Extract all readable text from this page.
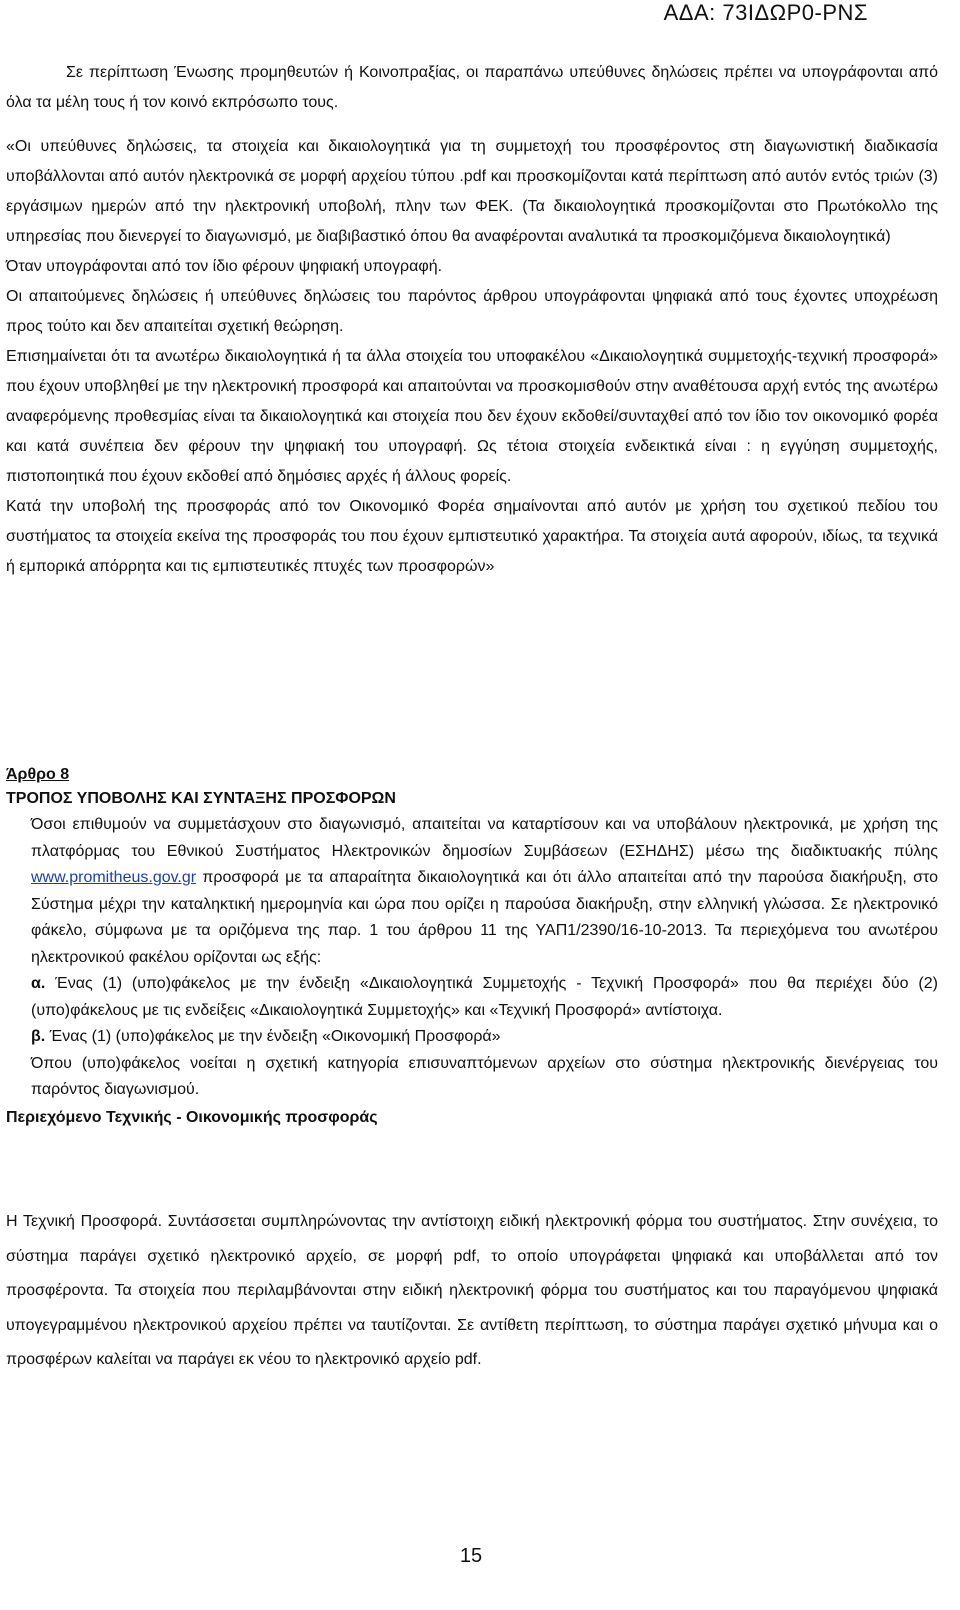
ΑΔΑ: 73ΙΔΩΡ0-ΡΝΣ

Σε περίπτωση Ένωσης προμηθευτών ή Κοινοπραξίας, οι παραπάνω υπεύθυνες δηλώσεις πρέπει να υπογράφονται από όλα τα μέλη τους ή τον κοινό εκπρόσωπο τους.

«Οι υπεύθυνες δηλώσεις, τα στοιχεία και δικαιολογητικά για τη συμμετοχή του προσφέροντος στη διαγωνιστική διαδικασία υποβάλλονται από αυτόν ηλεκτρονικά σε μορφή αρχείου τύπου .pdf και προσκομίζονται κατά περίπτωση από αυτόν εντός τριών (3) εργάσιμων ημερών από την ηλεκτρονική υποβολή, πλην των ΦΕΚ. (Τα δικαιολογητικά προσκομίζονται στο Πρωτόκολλο της υπηρεσίας που διενεργεί το διαγωνισμό, με διαβιβαστικό όπου θα αναφέρονται αναλυτικά τα προσκομιζόμενα δικαιολογητικά)

Όταν υπογράφονται από τον ίδιο φέρουν ψηφιακή υπογραφή.

Οι απαιτούμενες δηλώσεις ή υπεύθυνες δηλώσεις του παρόντος άρθρου υπογράφονται ψηφιακά από τους έχοντες υποχρέωση προς τούτο και δεν απαιτείται σχετική θεώρηση.

Επισημαίνεται ότι τα ανωτέρω δικαιολογητικά ή τα άλλα στοιχεία του υποφακέλου «Δικαιολογητικά συμμετοχής-τεχνική προσφορά» που έχουν υποβληθεί με την ηλεκτρονική προσφορά και απαιτούνται να προσκομισθούν στην αναθέτουσα αρχή εντός της ανωτέρω αναφερόμενης προθεσμίας είναι τα δικαιολογητικά και στοιχεία που δεν έχουν εκδοθεί/συνταχθεί από τον ίδιο τον οικονομικό φορέα και κατά συνέπεια δεν φέρουν την ψηφιακή του υπογραφή. Ως τέτοια στοιχεία ενδεικτικά είναι : η εγγύηση συμμετοχής, πιστοποιητικά που έχουν εκδοθεί από δημόσιες αρχές ή άλλους φορείς.

Κατά την υποβολή της προσφοράς από τον Οικονομικό Φορέα σημαίνονται από αυτόν με χρήση του σχετικού πεδίου του συστήματος τα στοιχεία εκείνα της προσφοράς του που έχουν εμπιστευτικό χαρακτήρα. Τα στοιχεία αυτά αφορούν, ιδίως, τα τεχνικά ή εμπορικά απόρρητα και τις εμπιστευτικές πτυχές των προσφορών»

Άρθρο 8

ΤΡΟΠΟΣ ΥΠΟΒΟΛΗΣ ΚΑΙ ΣΥΝΤΑΞΗΣ ΠΡΟΣΦΟΡΩΝ

Όσοι επιθυμούν να συμμετάσχουν στο διαγωνισμό, απαιτείται να καταρτίσουν και να υποβάλουν ηλεκτρονικά, με χρήση της πλατφόρμας του Εθνικού Συστήματος Ηλεκτρονικών δημοσίων Συμβάσεων (ΕΣΗΔΗΣ) μέσω της διαδικτυακής πύλης www.promitheus.gov.gr προσφορά με τα απαραίτητα δικαιολογητικά και ότι άλλο απαιτείται από την παρούσα διακήρυξη, στο Σύστημα μέχρι την καταληκτική ημερομηνία και ώρα που ορίζει η παρούσα διακήρυξη, στην ελληνική γλώσσα. Σε ηλεκτρονικό φάκελο, σύμφωνα με τα οριζόμενα της παρ. 1 του άρθρου 11 της ΥΑΠ1/2390/16-10-2013. Τα περιεχόμενα του ανωτέρου ηλεκτρονικού φακέλου ορίζονται ως εξής:

α. Ένας (1) (υπο)φάκελος με την ένδειξη «Δικαιολογητικά Συμμετοχής - Τεχνική Προσφορά» που θα περιέχει δύο (2) (υπο)φάκελους με τις ενδείξεις «Δικαιολογητικά Συμμετοχής» και «Τεχνική Προσφορά» αντίστοιχα.

β. Ένας (1) (υπο)φάκελος με την ένδειξη «Οικονομική Προσφορά»

Όπου (υπο)φάκελος νοείται η σχετική κατηγορία επισυναπτόμενων αρχείων στο σύστημα ηλεκτρονικής διενέργειας του παρόντος διαγωνισμού.

Περιεχόμενο Τεχνικής - Οικονομικής προσφοράς

Η Τεχνική Προσφορά. Συντάσσεται συμπληρώνοντας την αντίστοιχη ειδική ηλεκτρονική φόρμα του συστήματος. Στην συνέχεια, το σύστημα παράγει σχετικό ηλεκτρονικό αρχείο, σε μορφή pdf, το οποίο υπογράφεται ψηφιακά και υποβάλλεται από τον προσφέροντα. Τα στοιχεία που περιλαμβάνονται στην ειδική ηλεκτρονική φόρμα του συστήματος και του παραγόμενου ψηφιακά υπογεγραμμένου ηλεκτρονικού αρχείου πρέπει να ταυτίζονται. Σε αντίθετη περίπτωση, το σύστημα παράγει σχετικό μήνυμα και ο προσφέρων καλείται να παράγει εκ νέου το ηλεκτρονικό αρχείο pdf.

15
